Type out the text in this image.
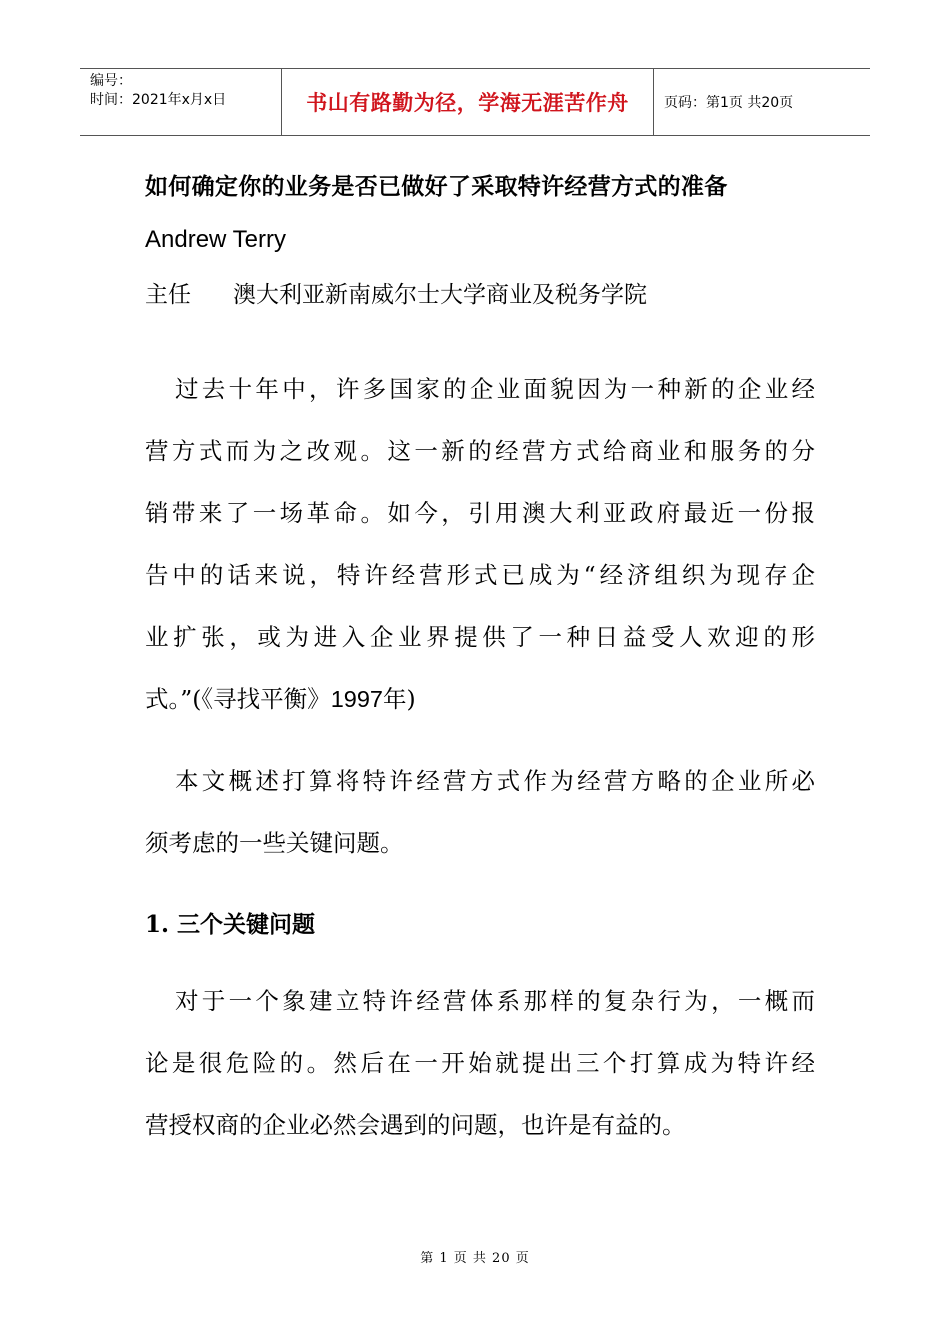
编号：
时间：2021年x月x日	书山有路勤为径，学海无涯苦作舟	页码：第1页 共20页
如何确定你的业务是否已做好了采取特许经营方式的准备
Andrew Terry
主任 澳大利亚新南威尔士大学商业及税务学院
过去十年中，许多国家的企业面貌因为一种新的企业经
营方式而为之改观。这一新的经营方式给商业和服务的分
销带来了一场革命。如今，引用澳大利亚政府最近一份报
告中的话来说，特许经营形式已成为“经济组织为现存企
业扩张，或为进入企业界提供了一种日益受人欢迎的形
式。”(《寻找平衡》1997年)
本文概述打算将特许经营方式作为经营方略的企业所必
须考虑的一些关键问题。
1. 三个关键问题
对于一个象建立特许经营体系那样的复杂行为，一概而
论是很危险的。然后在一开始就提出三个打算成为特许经
营授权商的企业必然会遇到的问题，也许是有益的。
第 1 页 共 20 页
